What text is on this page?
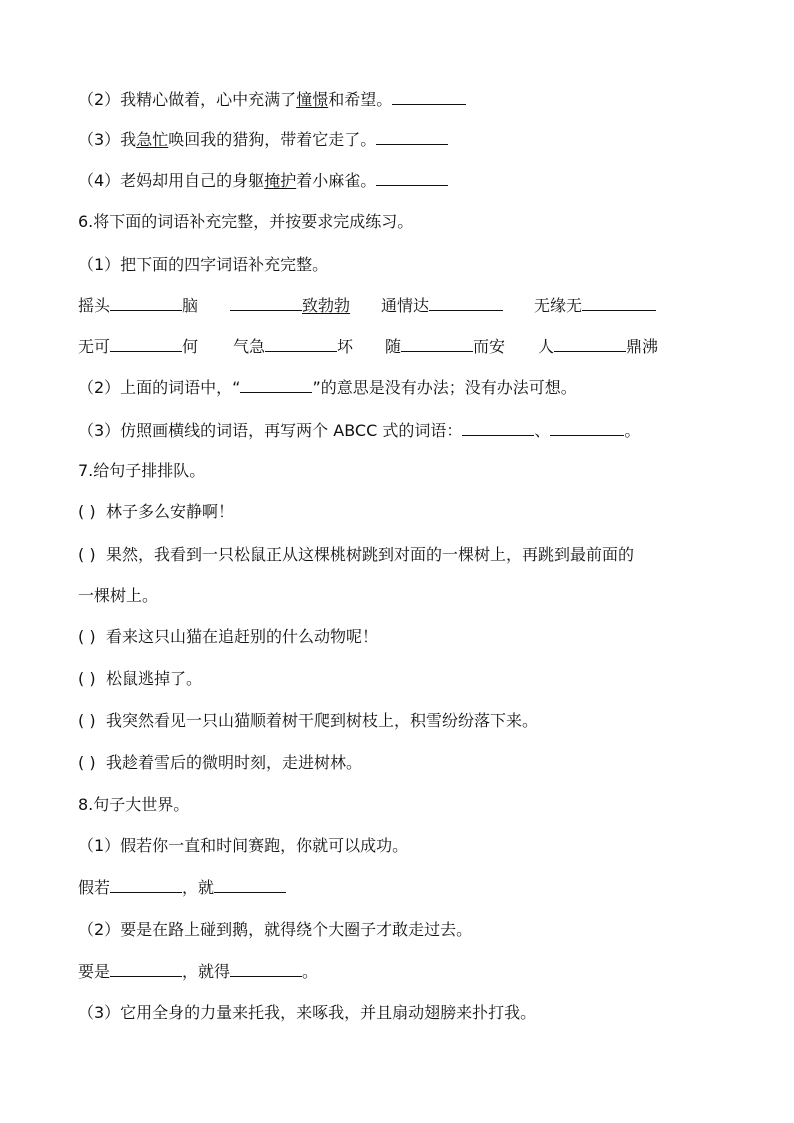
（2）我精心做着，心中充满了憧憬和希望。
（3）我急忙唤回我的猎狗，带着它走了。
（4）老妈却用自己的身躯掩护着小麻雀。
6.将下面的词语补充完整，并按要求完成练习。
（1）把下面的四字词语补充完整。
摇头	脑	致勃勃 通情达	无缘无
无可	何 气急	坏 随	而安 人	鼎沸
（2）上面的词语中，“	”的意思是没有办法；没有办法可想。
（3）仿照画横线的词语，再写两个 ABCC 式的词语：	、	。
7.给句子排排队。
( ) 林子多么安静啊！
( ) 果然，我看到一只松鼠正从这棵桃树跳到对面的一棵树上，再跳到最前面的
一棵树上。
( ) 看来这只山猫在追赶别的什么动物呢！
( ) 松鼠逃掉了。
( ) 我突然看见一只山猫顺着树干爬到树枝上，积雪纷纷落下来。
( ) 我趁着雪后的微明时刻，走进树林。
8.句子大世界。
（1）假若你一直和时间赛跑，你就可以成功。
假若	，就
（2）要是在路上碰到鹅，就得绕个大圈子才敢走过去。
要是	，就得	。
（3）它用全身的力量来托我，来啄我，并且扇动翅膀来扑打我。
